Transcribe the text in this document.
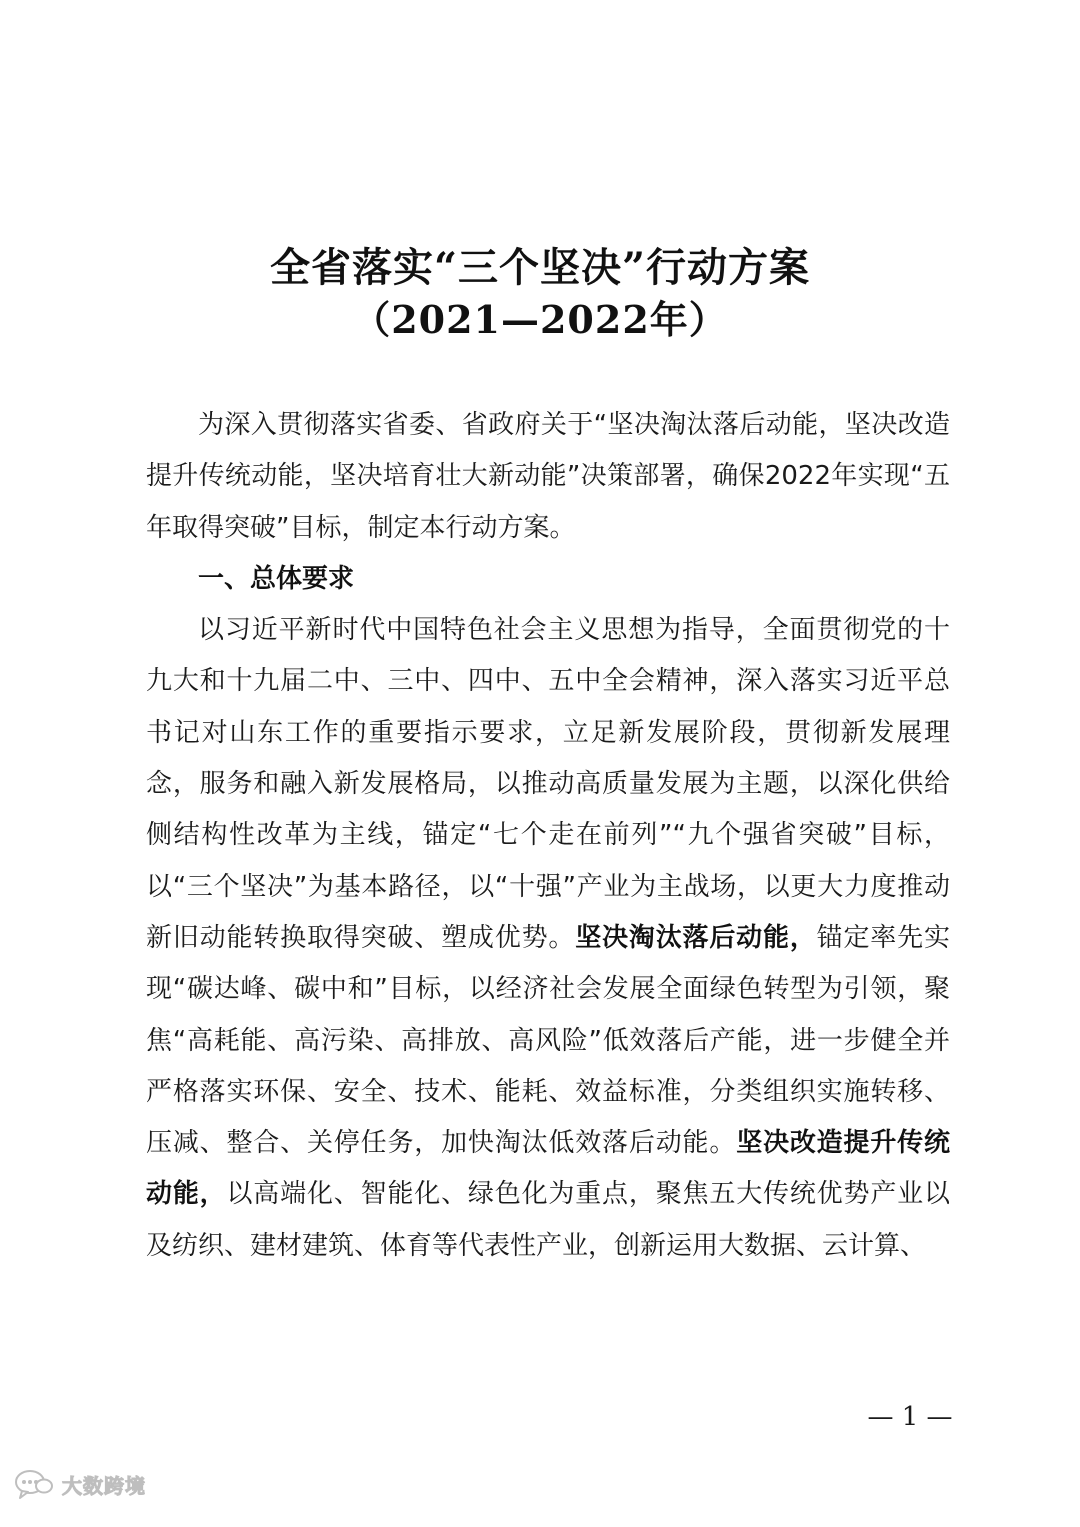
全省落实“三个坚决”行动方案
（2021—2022年）

为深入贯彻落实省委、省政府关于“坚决淘汰落后动能，坚决改造提升传统动能，坚决培育壮大新动能”决策部署，确保2022年实现“五年取得突破”目标，制定本行动方案。

一、总体要求

以习近平新时代中国特色社会主义思想为指导，全面贯彻党的十九大和十九届二中、三中、四中、五中全会精神，深入落实习近平总书记对山东工作的重要指示要求，立足新发展阶段，贯彻新发展理念，服务和融入新发展格局，以推动高质量发展为主题，以深化供给侧结构性改革为主线，锚定“七个走在前列”“九个强省突破”目标，以“三个坚决”为基本路径，以“十强”产业为主战场，以更大力度推动新旧动能转换取得突破、塑成优势。坚决淘汰落后动能，锚定率先实现“碳达峰、碳中和”目标，以经济社会发展全面绿色转型为引领，聚焦“高耗能、高污染、高排放、高风险”低效落后产能，进一步健全并严格落实环保、安全、技术、能耗、效益标准，分类组织实施转移、压减、整合、关停任务，加快淘汰低效落后动能。坚决改造提升传统动能，以高端化、智能化、绿色化为重点，聚焦五大传统优势产业以及纺织、建材建筑、体育等代表性产业，创新运用大数据、云计算、

— 1 —
大数跨境
